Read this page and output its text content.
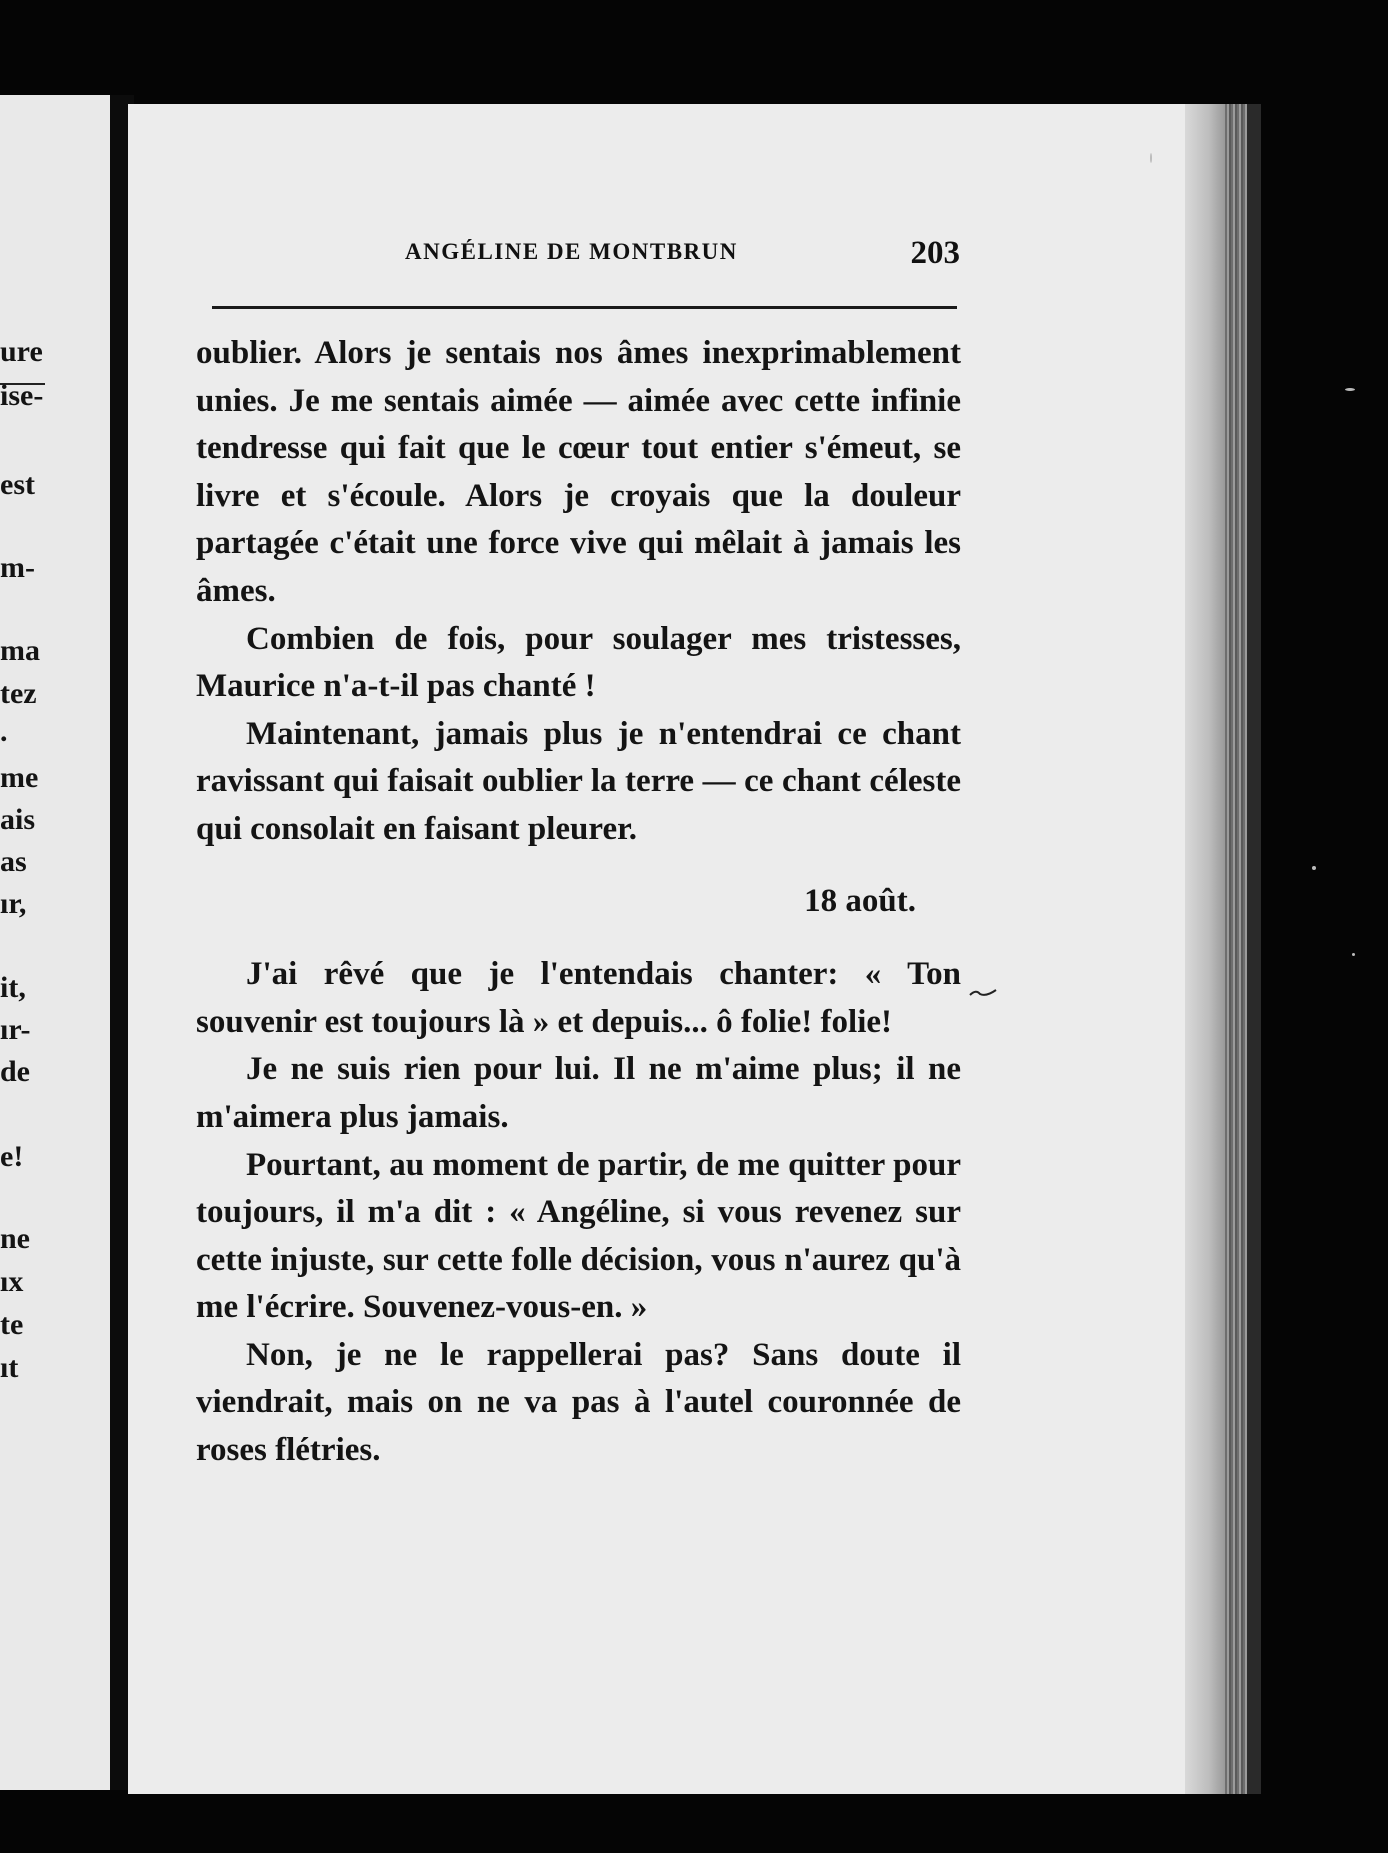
ure
ise-
est
m-
ma
tez
.
me
ais
as
ır,
it,
ır-
de
e!
ne
ıx
te
ıt
ANGÉLINE DE MONTBRUN	203

oublier. Alors je sentais nos âmes inexprimablement unies. Je me sentais aimée — aimée avec cette infinie tendresse qui fait que le cœur tout entier s'émeut, se livre et s'écoule. Alors je croyais que la douleur partagée c'était une force vive qui mêlait à jamais les âmes.

Combien de fois, pour soulager mes tristesses, Maurice n'a-t-il pas chanté !

Maintenant, jamais plus je n'entendrai ce chant ravissant qui faisait oublier la terre — ce chant céleste qui consolait en faisant pleurer.

18 août.

J'ai rêvé que je l'entendais chanter: « Ton souvenir est toujours là » et depuis... ô folie! folie!

Je ne suis rien pour lui. Il ne m'aime plus; il ne m'aimera plus jamais.

Pourtant, au moment de partir, de me quitter pour toujours, il m'a dit : « Angéline, si vous revenez sur cette injuste, sur cette folle décision, vous n'aurez qu'à me l'écrire. Souvenez-vous-en. »

Non, je ne le rappellerai pas? Sans doute il viendrait, mais on ne va pas à l'autel couronnée de roses flétries.
